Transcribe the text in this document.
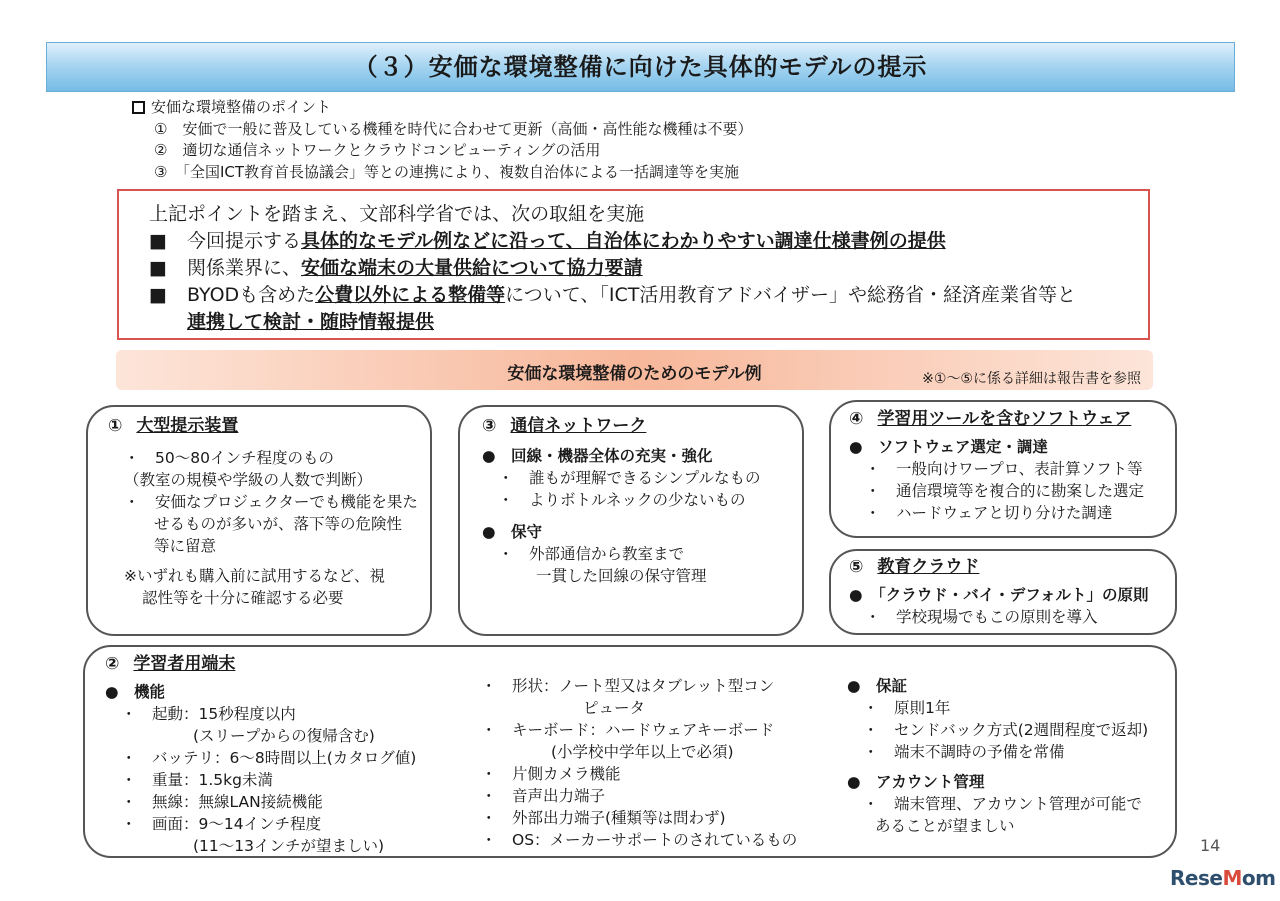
（３）安価な環境整備に向けた具体的モデルの提示
安価な環境整備のポイント
①　安価で一般に普及している機種を時代に合わせて更新（高価・高性能な機種は不要）
②　適切な通信ネットワークとクラウドコンピューティングの活用
③　「全国ICT教育首長協議会」等との連携により、複数自治体による一括調達等を実施
上記ポイントを踏まえ、文部科学省では、次の取組を実施
■	今回提示する具体的なモデル例などに沿って、自治体にわかりやすい調達仕様書例の提供
■	関係業界に、安価な端末の大量供給について協力要請
■	BYODも含めた公費以外による整備等について、「ICT活用教育アドバイザー」や総務省・経済産業省等と
連携して検討・随時情報提供
安価な環境整備のためのモデル例	※①～⑤に係る詳細は報告書を参照
① 大型提示装置
・　50～80インチ程度のもの
（教室の規模や学級の人数で判断）
・　安価なプロジェクターでも機能を果た
せるものが多いが、落下等の危険性
等に留意
※いずれも購入前に試用するなど、視
認性等を十分に確認する必要
③ 通信ネットワーク
●　回線・機器全体の充実・強化
・　誰もが理解できるシンプルなもの
・　よりボトルネックの少ないもの
●　保守
・　外部通信から教室まで
一貫した回線の保守管理
④ 学習用ツールを含むソフトウェア
●　ソフトウェア選定・調達
・　一般向けワープロ、表計算ソフト等
・　通信環境等を複合的に勘案した選定
・　ハードウェアと切り分けた調達
⑤ 教育クラウド
●　「クラウド・バイ・デフォルト」の原則
・　学校現場でもこの原則を導入
② 学習者用端末
●　機能
・　起動：15秒程度以内
(スリープからの復帰含む)
・　バッテリ：6～8時間以上(カタログ値)
・　重量：1.5kg未満
・　無線：無線LAN接続機能
・　画面：9～14インチ程度
(11～13インチが望ましい)
・　形状：ノート型又はタブレット型コン
ピュータ
・　キーボード：ハードウェアキーボード
(小学校中学年以上で必須)
・　片側カメラ機能
・　音声出力端子
・　外部出力端子(種類等は問わず)
・　OS：メーカーサポートのされているもの
●　保証
・　原則1年
・　センドバック方式(2週間程度で返却)
・　端末不調時の予備を常備
●　アカウント管理
・　端末管理、アカウント管理が可能で
あることが望ましい
14
ReseMom
